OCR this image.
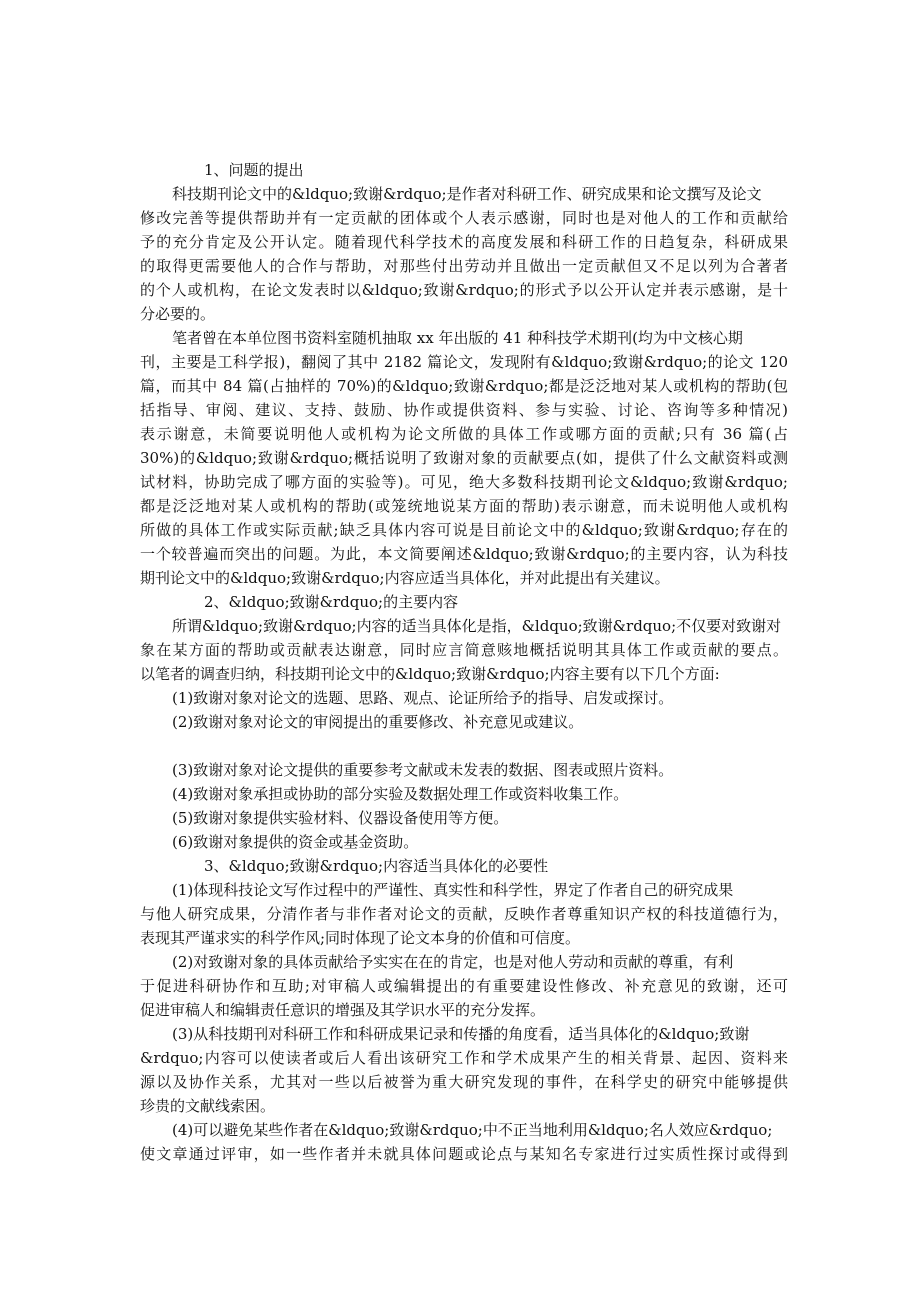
1、问题的提出
科技期刊论文中的&ldquo;致谢&rdquo;是作者对科研工作、研究成果和论文撰写及论文
修改完善等提供帮助并有一定贡献的团体或个人表示感谢，同时也是对他人的工作和贡献给
予的充分肯定及公开认定。随着现代科学技术的高度发展和科研工作的日趋复杂，科研成果
的取得更需要他人的合作与帮助，对那些付出劳动并且做出一定贡献但又不足以列为合著者
的个人或机构，在论文发表时以&ldquo;致谢&rdquo;的形式予以公开认定并表示感谢，是十
分必要的。
笔者曾在本单位图书资料室随机抽取 xx 年出版的 41 种科技学术期刊(均为中文核心期
刊，主要是工科学报)，翻阅了其中 2182 篇论文，发现附有&ldquo;致谢&rdquo;的论文 120
篇，而其中 84 篇(占抽样的 70%)的&ldquo;致谢&rdquo;都是泛泛地对某人或机构的帮助(包
括指导、审阅、建议、支持、鼓励、协作或提供资料、参与实验、讨论、咨询等多种情况)
表示谢意，未简要说明他人或机构为论文所做的具体工作或哪方面的贡献;只有 36 篇(占
30%)的&ldquo;致谢&rdquo;概括说明了致谢对象的贡献要点(如，提供了什么文献资料或测
试材料，协助完成了哪方面的实验等)。可见，绝大多数科技期刊论文&ldquo;致谢&rdquo;
都是泛泛地对某人或机构的帮助(或笼统地说某方面的帮助)表示谢意，而未说明他人或机构
所做的具体工作或实际贡献;缺乏具体内容可说是目前论文中的&ldquo;致谢&rdquo;存在的
一个较普遍而突出的问题。为此，本文简要阐述&ldquo;致谢&rdquo;的主要内容，认为科技
期刊论文中的&ldquo;致谢&rdquo;内容应适当具体化，并对此提出有关建议。
2、&ldquo;致谢&rdquo;的主要内容
所谓&ldquo;致谢&rdquo;内容的适当具体化是指，&ldquo;致谢&rdquo;不仅要对致谢对
象在某方面的帮助或贡献表达谢意，同时应言简意赅地概括说明其具体工作或贡献的要点。
以笔者的调查归纳，科技期刊论文中的&ldquo;致谢&rdquo;内容主要有以下几个方面:
(1)致谢对象对论文的选题、思路、观点、论证所给予的指导、启发或探讨。
(2)致谢对象对论文的审阅提出的重要修改、补充意见或建议。
(3)致谢对象对论文提供的重要参考文献或未发表的数据、图表或照片资料。
(4)致谢对象承担或协助的部分实验及数据处理工作或资料收集工作。
(5)致谢对象提供实验材料、仪器设备使用等方便。
(6)致谢对象提供的资金或基金资助。
3、&ldquo;致谢&rdquo;内容适当具体化的必要性
(1)体现科技论文写作过程中的严谨性、真实性和科学性，界定了作者自己的研究成果
与他人研究成果，分清作者与非作者对论文的贡献，反映作者尊重知识产权的科技道德行为，
表现其严谨求实的科学作风;同时体现了论文本身的价值和可信度。
(2)对致谢对象的具体贡献给予实实在在的肯定，也是对他人劳动和贡献的尊重，有利
于促进科研协作和互助;对审稿人或编辑提出的有重要建设性修改、补充意见的致谢，还可
促进审稿人和编辑责任意识的增强及其学识水平的充分发挥。
(3)从科技期刊对科研工作和科研成果记录和传播的角度看，适当具体化的&ldquo;致谢
&rdquo;内容可以使读者或后人看出该研究工作和学术成果产生的相关背景、起因、资料来
源以及协作关系，尤其对一些以后被誉为重大研究发现的事件，在科学史的研究中能够提供
珍贵的文献线索困。
(4)可以避免某些作者在&ldquo;致谢&rdquo;中不正当地利用&ldquo;名人效应&rdquo;
使文章通过评审，如一些作者并未就具体问题或论点与某知名专家进行过实质性探讨或得到
